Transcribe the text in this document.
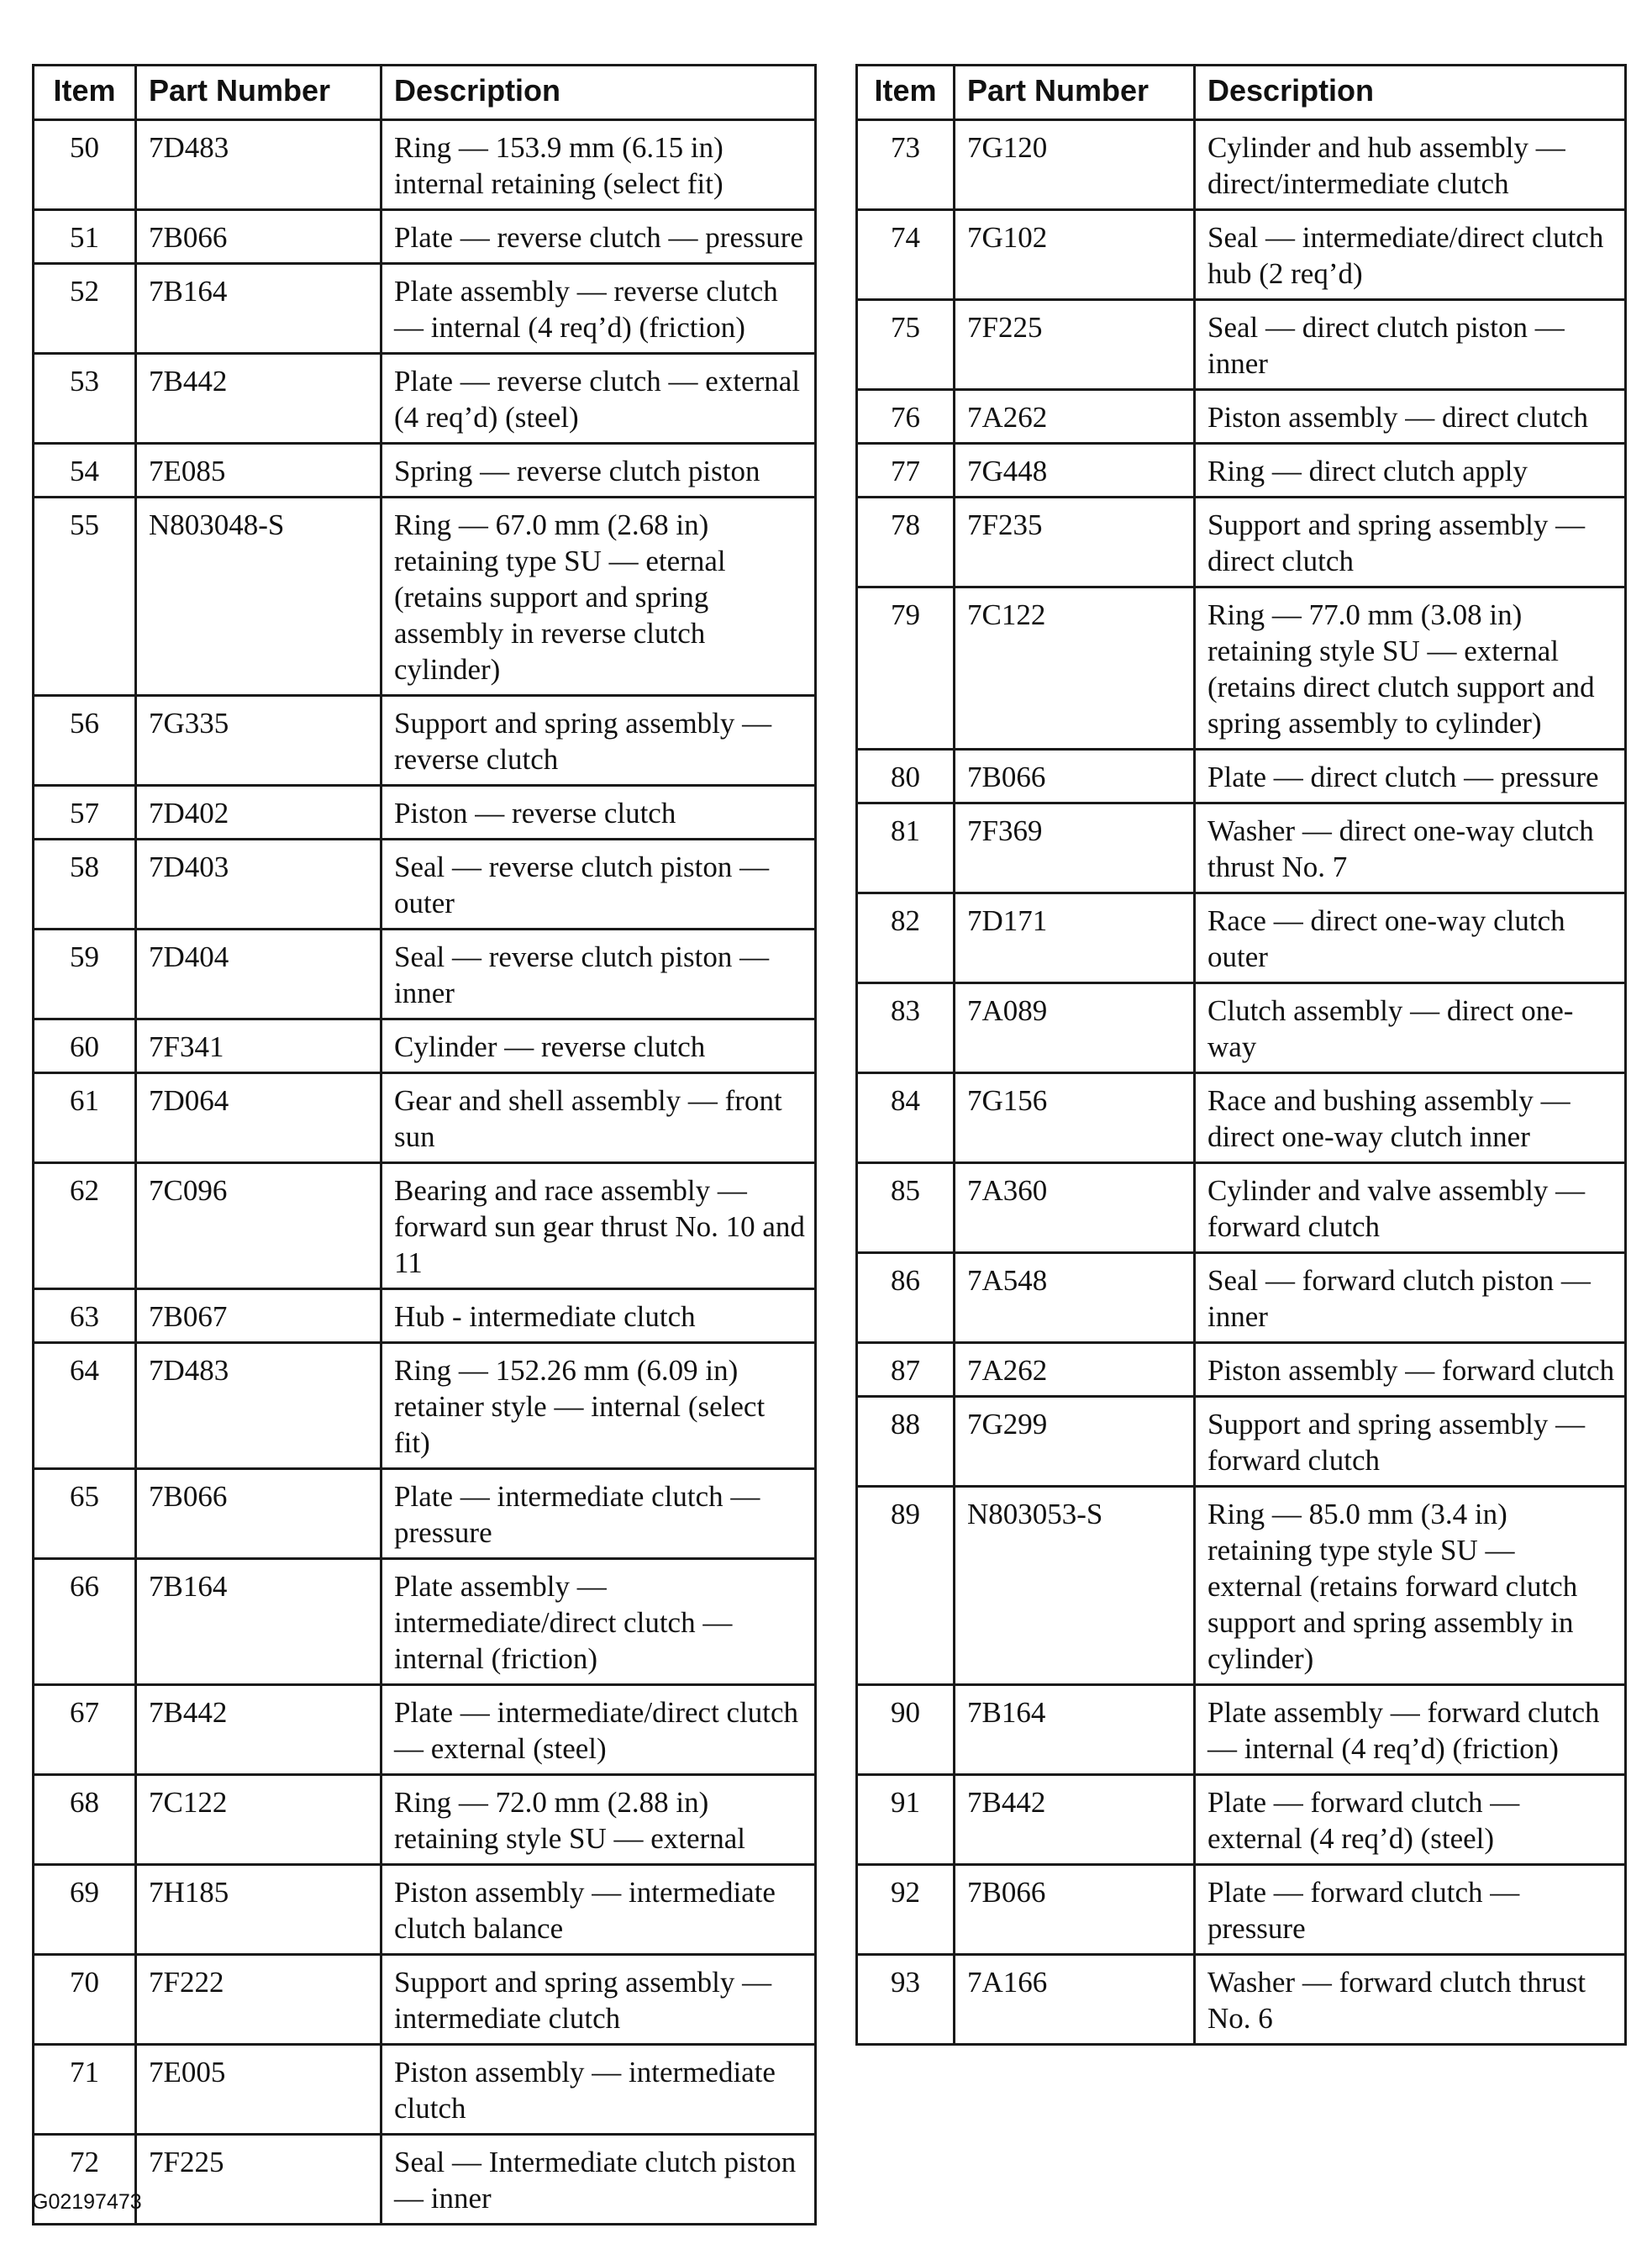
Item	Part Number	Description
50	7D483	Ring — 153.9 mm (6.15 in) internal retaining (select fit)
51	7B066	Plate — reverse clutch — pressure
52	7B164	Plate assembly — reverse clutch — internal (4 req’d) (friction)
53	7B442	Plate — reverse clutch — external (4 req’d) (steel)
54	7E085	Spring — reverse clutch piston
55	N803048-S	Ring — 67.0 mm (2.68 in) retaining type SU — eternal (retains support and spring assembly in reverse clutch cylinder)
56	7G335	Support and spring assembly — reverse clutch
57	7D402	Piston — reverse clutch
58	7D403	Seal — reverse clutch piston — outer
59	7D404	Seal — reverse clutch piston — inner
60	7F341	Cylinder — reverse clutch
61	7D064	Gear and shell assembly — front sun
62	7C096	Bearing and race assembly — forward sun gear thrust No. 10 and 11
63	7B067	Hub - intermediate clutch
64	7D483	Ring — 152.26 mm (6.09 in) retainer style — internal (select fit)
65	7B066	Plate — intermediate clutch — pressure
66	7B164	Plate assembly — intermediate/direct clutch — internal (friction)
67	7B442	Plate — intermediate/direct clutch — external (steel)
68	7C122	Ring — 72.0 mm (2.88 in) retaining style SU — external
69	7H185	Piston assembly — intermediate clutch balance
70	7F222	Support and spring assembly — intermediate clutch
71	7E005	Piston assembly — intermediate clutch
72	7F225	Seal — Intermediate clutch piston — inner
Item	Part Number	Description
73	7G120	Cylinder and hub assembly — direct/intermediate clutch
74	7G102	Seal — intermediate/direct clutch hub (2 req’d)
75	7F225	Seal — direct clutch piston — inner
76	7A262	Piston assembly — direct clutch
77	7G448	Ring — direct clutch apply
78	7F235	Support and spring assembly — direct clutch
79	7C122	Ring — 77.0 mm (3.08 in) retaining style SU — external (retains direct clutch support and spring assembly to cylinder)
80	7B066	Plate — direct clutch — pressure
81	7F369	Washer — direct one-way clutch thrust No. 7
82	7D171	Race — direct one-way clutch outer
83	7A089	Clutch assembly — direct one-way
84	7G156	Race and bushing assembly — direct one-way clutch inner
85	7A360	Cylinder and valve assembly — forward clutch
86	7A548	Seal — forward clutch piston — inner
87	7A262	Piston assembly — forward clutch
88	7G299	Support and spring assembly — forward clutch
89	N803053-S	Ring — 85.0 mm (3.4 in) retaining type style SU — external (retains forward clutch support and spring assembly in cylinder)
90	7B164	Plate assembly — forward clutch — internal (4 req’d) (friction)
91	7B442	Plate — forward clutch — external (4 req’d) (steel)
92	7B066	Plate — forward clutch — pressure
93	7A166	Washer — forward clutch thrust No. 6
G02197473
